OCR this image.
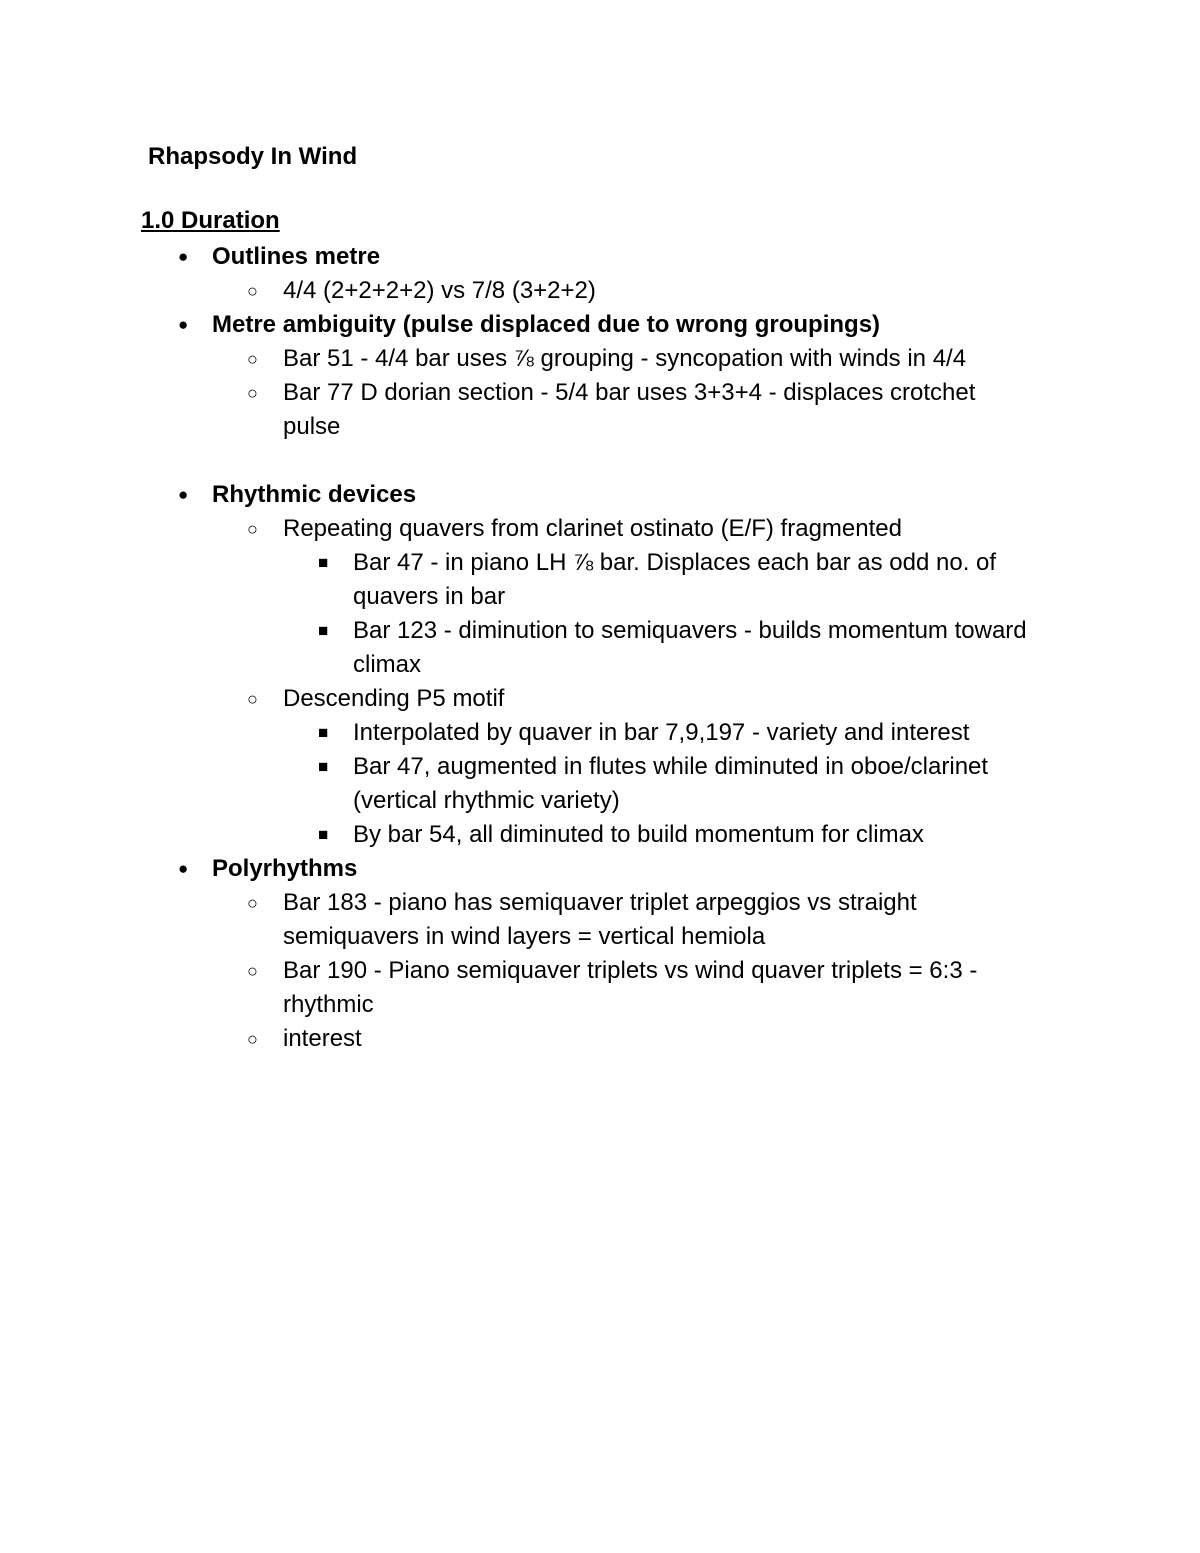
Rhapsody In Wind
1.0 Duration
● Outlines metre
○ 4/4 (2+2+2+2) vs 7/8 (3+2+2)
● Metre ambiguity (pulse displaced due to wrong groupings)
○ Bar 51 - 4/4 bar uses ⅞ grouping - syncopation with winds in 4/4
○ Bar 77 D dorian section - 5/4 bar uses 3+3+4 - displaces crotchet pulse
● Rhythmic devices
○ Repeating quavers from clarinet ostinato (E/F) fragmented
■ Bar 47 - in piano LH ⅞ bar. Displaces each bar as odd no. of quavers in bar
■ Bar 123 - diminution to semiquavers - builds momentum toward climax
○ Descending P5 motif
■ Interpolated by quaver in bar 7,9,197 - variety and interest
■ Bar 47, augmented in flutes while diminuted in oboe/clarinet (vertical rhythmic variety)
■ By bar 54, all diminuted to build momentum for climax
● Polyrhythms
○ Bar 183 - piano has semiquaver triplet arpeggios vs straight semiquavers in wind layers = vertical hemiola
○ Bar 190 - Piano semiquaver triplets vs wind quaver triplets = 6:3 - rhythmic
○ interest
